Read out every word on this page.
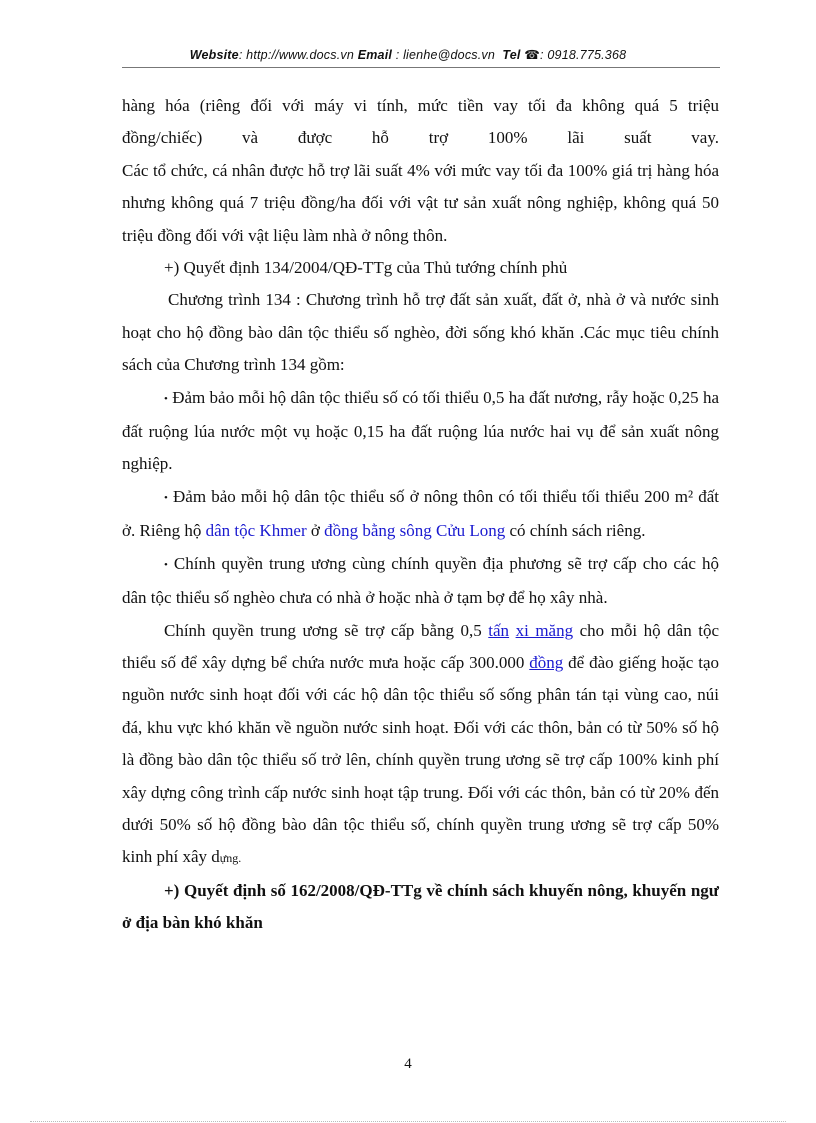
Website: http://www.docs.vn Email : lienhe@docs.vn Tel ☎: 0918.775.368

hàng hóa (riêng đối với máy vi tính, mức tiền vay tối đa không quá 5 triệu

đồng/chiếc) và được hỗ trợ 100% lãi suất vay.

Các tổ chức, cá nhân được hỗ trợ lãi suất 4% với mức vay tối đa 100% giá trị hàng hóa nhưng không quá 7 triệu đồng/ha đối với vật tư sản xuất nông nghiệp, không quá 50 triệu đồng đối với vật liệu làm nhà ở nông thôn.

+) Quyết định 134/2004/QĐ-TTg của Thủ tướng chính phủ

Chương trình 134 : Chương trình hỗ trợ đất sản xuất, đất ở, nhà ở và nước sinh hoạt cho hộ đồng bào dân tộc thiểu số nghèo, đời sống khó khăn .Các mục tiêu chính sách của Chương trình 134 gồm:

• Đảm bảo mỗi hộ dân tộc thiểu số có tối thiểu 0,5 ha đất nương, rẫy hoặc 0,25 ha đất ruộng lúa nước một vụ hoặc 0,15 ha đất ruộng lúa nước hai vụ để sản xuất nông nghiệp.

• Đảm bảo mỗi hộ dân tộc thiểu số ở nông thôn có tối thiểu tối thiểu 200 m² đất ở. Riêng hộ dân tộc Khmer ở đồng bằng sông Cửu Long có chính sách riêng.

• Chính quyền trung ương cùng chính quyền địa phương sẽ trợ cấp cho các hộ dân tộc thiểu số nghèo chưa có nhà ở hoặc nhà ở tạm bợ để họ xây nhà.

Chính quyền trung ương sẽ trợ cấp bằng 0,5 tấn xi măng cho mỗi hộ dân tộc thiểu số để xây dựng bể chứa nước mưa hoặc cấp 300.000 đồng để đào giếng hoặc tạo nguồn nước sinh hoạt đối với các hộ dân tộc thiểu số sống phân tán tại vùng cao, núi đá, khu vực khó khăn về nguồn nước sinh hoạt. Đối với các thôn, bản có từ 50% số hộ là đồng bào dân tộc thiểu số trở lên, chính quyền trung ương sẽ trợ cấp 100% kinh phí xây dựng công trình cấp nước sinh hoạt tập trung. Đối với các thôn, bản có từ 20% đến dưới 50% số hộ đồng bào dân tộc thiểu số, chính quyền trung ương sẽ trợ cấp 50% kinh phí xây dựng.

+) Quyết định số 162/2008/QĐ-TTg về chính sách khuyến nông, khuyến ngư ở địa bàn khó khăn

4
